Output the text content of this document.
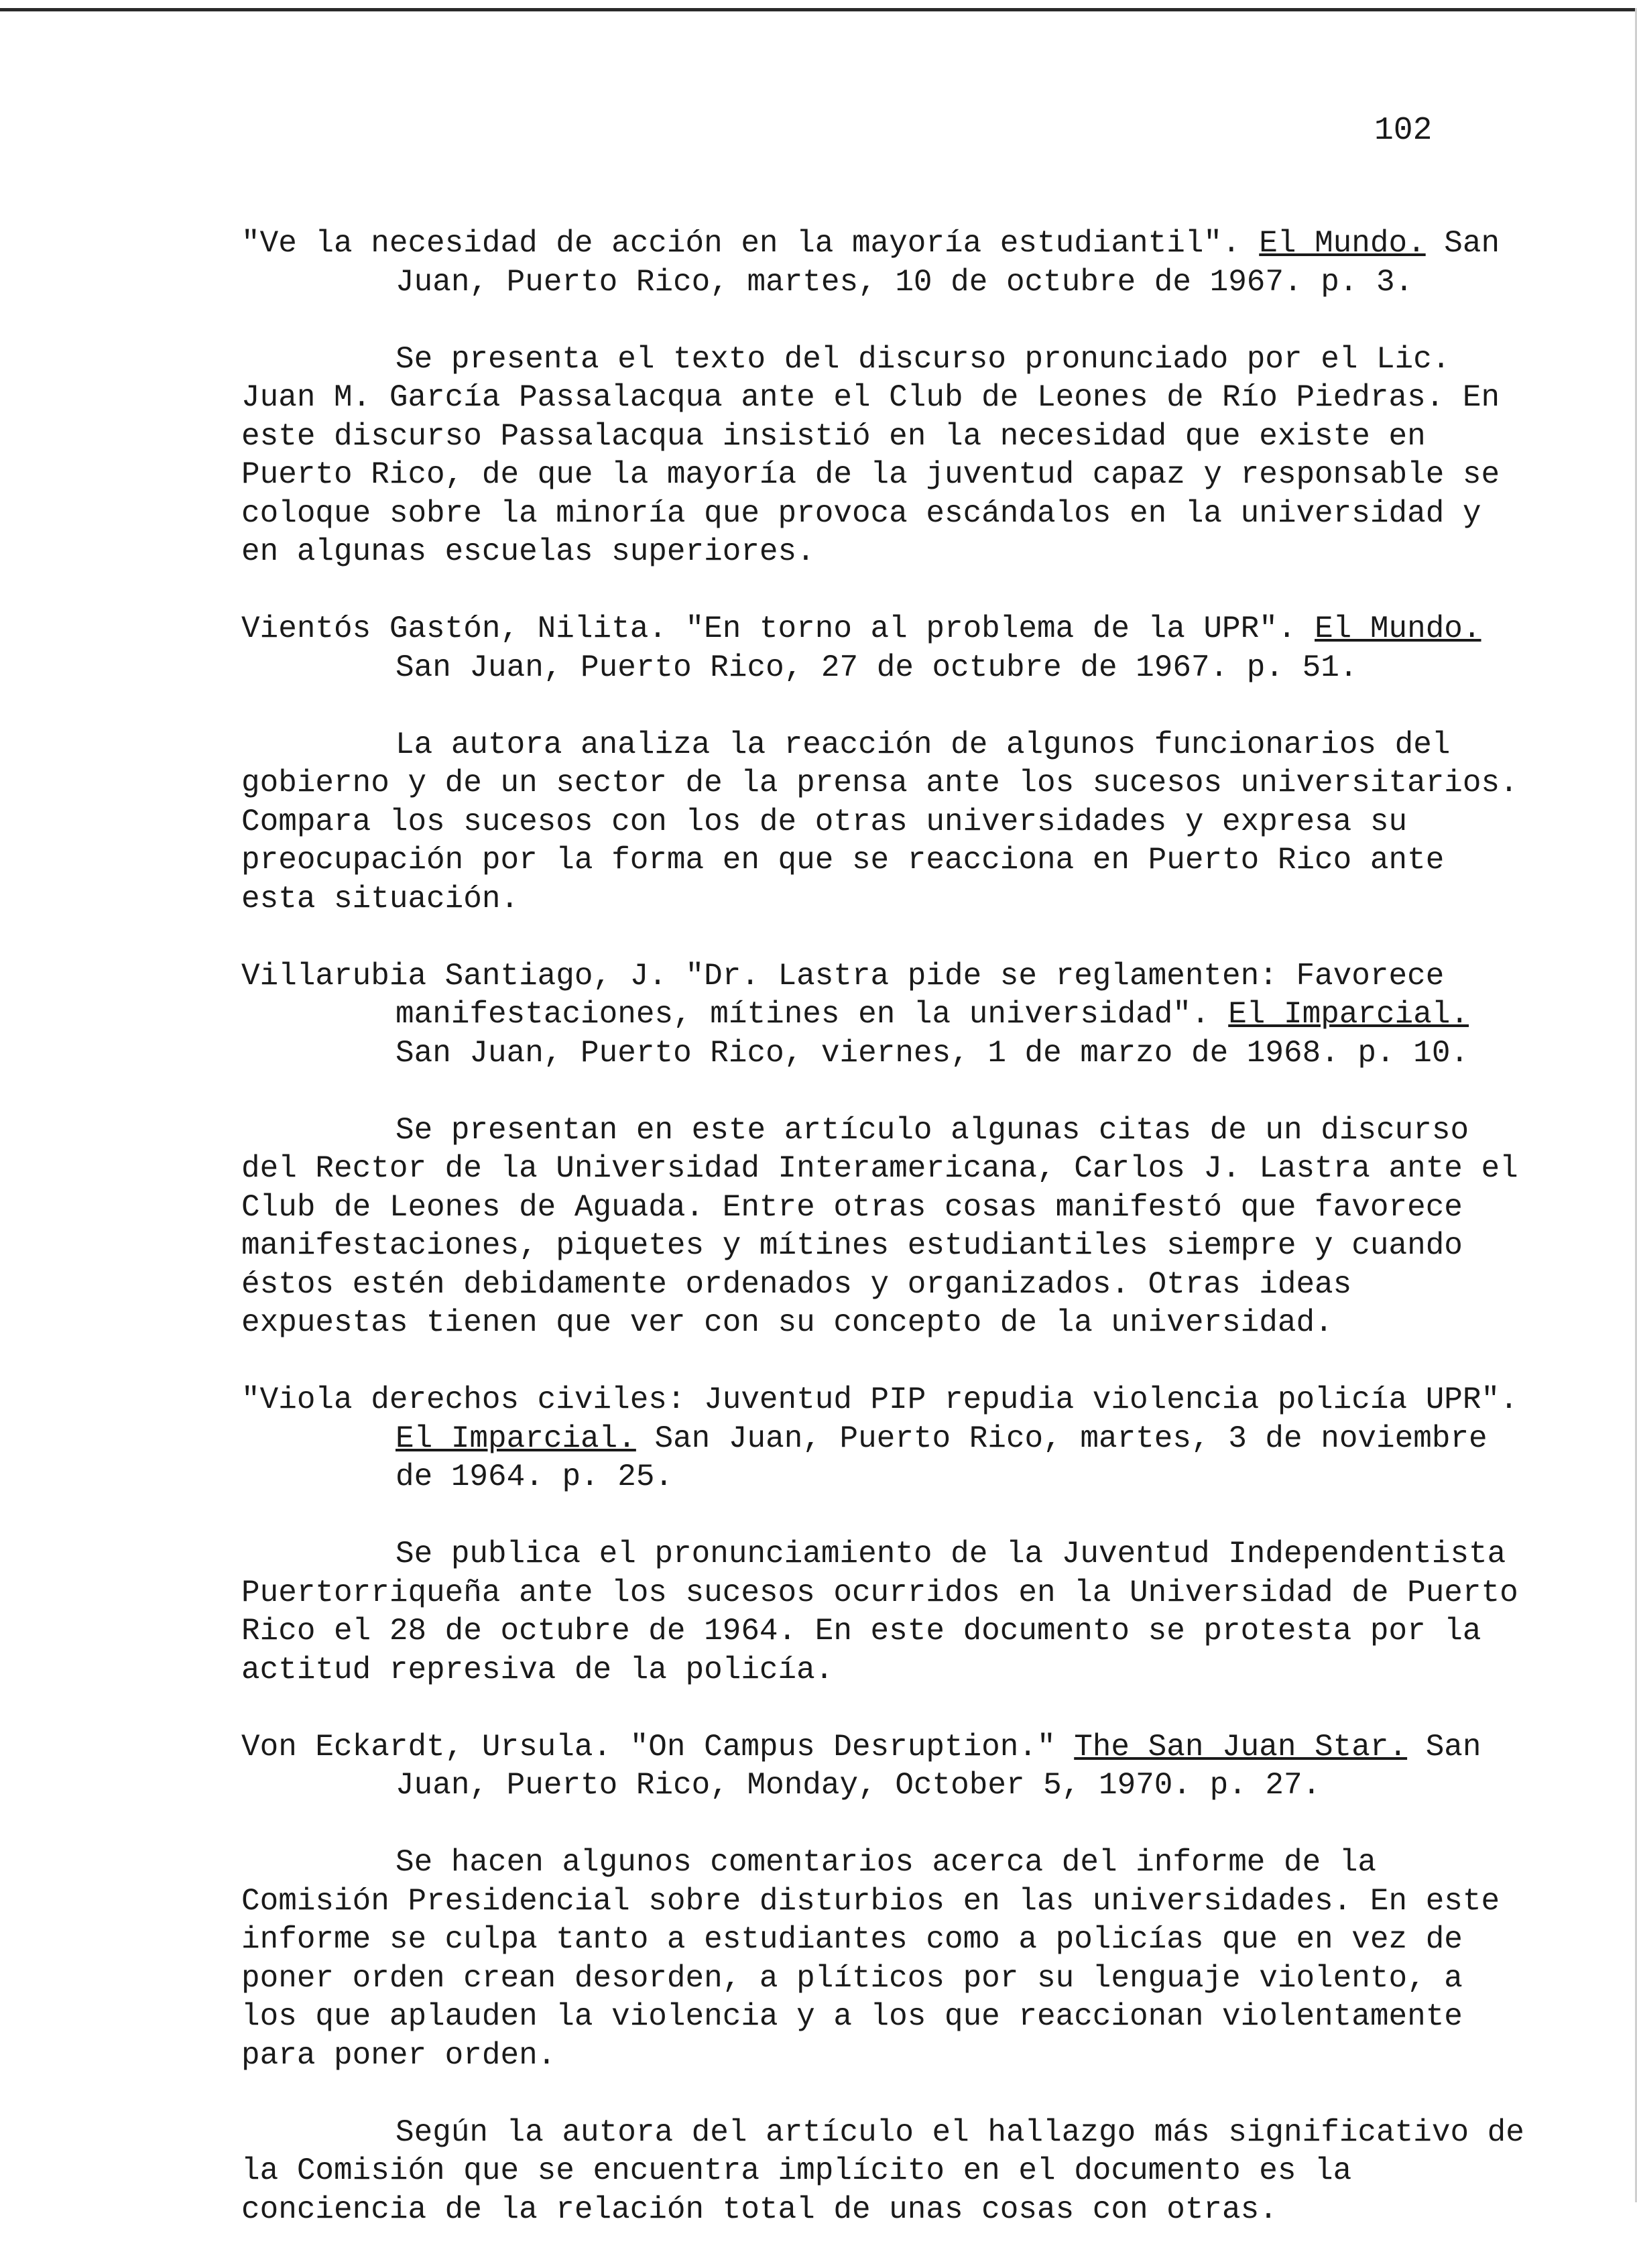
102

"Ve la necesidad de acción en la mayoría estudiantil". El Mundo. San Juan, Puerto Rico, martes, 10 de octubre de 1967. p. 3.

Se presenta el texto del discurso pronunciado por el Lic. Juan M. García Passalacqua ante el Club de Leones de Río Piedras. En este discurso Passalacqua insistió en la necesidad que existe en Puerto Rico, de que la mayoría de la juventud capaz y responsable se coloque sobre la minoría que provoca escándalos en la universidad y en algunas escuelas superiores.

Vientós Gastón, Nilita. "En torno al problema de la UPR". El Mundo. San Juan, Puerto Rico, 27 de octubre de 1967. p. 51.

La autora analiza la reacción de algunos funcionarios del gobierno y de un sector de la prensa ante los sucesos universitarios. Compara los sucesos con los de otras universidades y expresa su preocupación por la forma en que se reacciona en Puerto Rico ante esta situación.

Villarubia Santiago, J. "Dr. Lastra pide se reglamenten: Favorece manifestaciones, mítines en la universidad". El Imparcial. San Juan, Puerto Rico, viernes, 1 de marzo de 1968. p. 10.

Se presentan en este artículo algunas citas de un discurso del Rector de la Universidad Interamericana, Carlos J. Lastra ante el Club de Leones de Aguada. Entre otras cosas manifestó que favorece manifestaciones, piquetes y mítines estudiantiles siempre y cuando éstos estén debidamente ordenados y organizados. Otras ideas expuestas tienen que ver con su concepto de la universidad.

"Viola derechos civiles: Juventud PIP repudia violencia policía UPR". El Imparcial. San Juan, Puerto Rico, martes, 3 de noviembre de 1964. p. 25.

Se publica el pronunciamiento de la Juventud Independentista Puertorriqueña ante los sucesos ocurridos en la Universidad de Puerto Rico el 28 de octubre de 1964. En este documento se protesta por la actitud represiva de la policía.

Von Eckardt, Ursula. "On Campus Desruption." The San Juan Star. San Juan, Puerto Rico, Monday, October 5, 1970. p. 27.

Se hacen algunos comentarios acerca del informe de la Comisión Presidencial sobre disturbios en las universidades. En este informe se culpa tanto a estudiantes como a policías que en vez de poner orden crean desorden, a plíticos por su lenguaje violento, a los que aplauden la violencia y a los que reaccionan violentamente para poner orden.

Según la autora del artículo el hallazgo más significativo de la Comisión que se encuentra implícito en el documento es la conciencia de la relación total de unas cosas con otras.
